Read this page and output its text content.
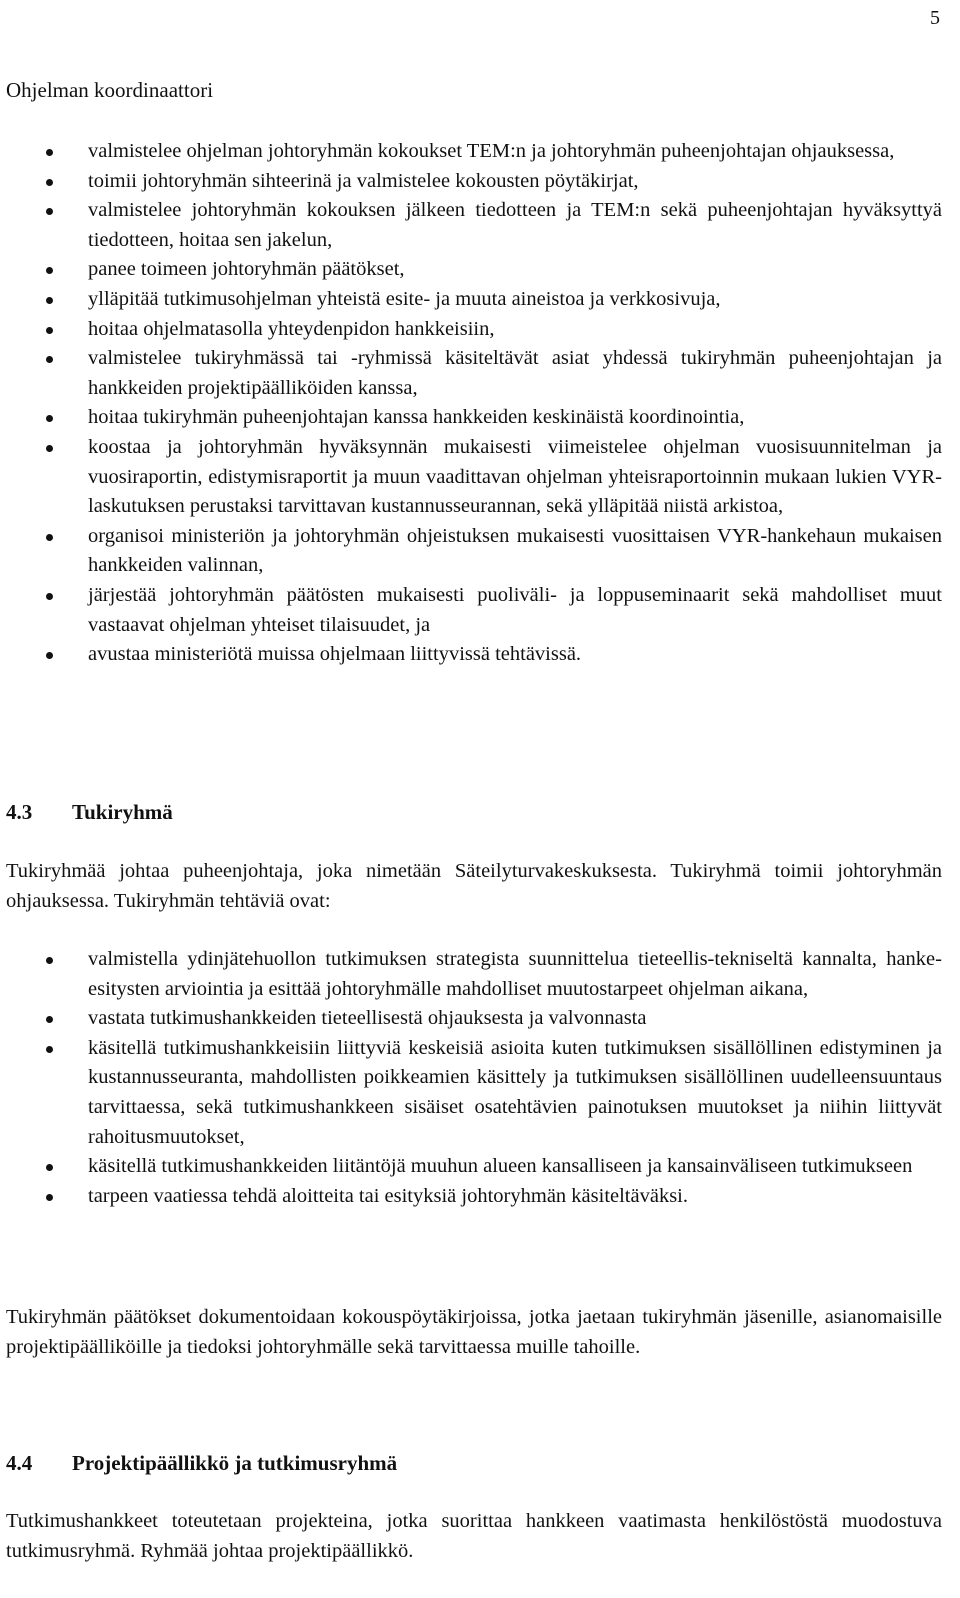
5
Ohjelman koordinaattori
valmistelee ohjelman johtoryhmän kokoukset TEM:n ja johtoryhmän puheenjohtajan ohjauksessa,
toimii johtoryhmän sihteerinä ja valmistelee kokousten pöytäkirjat,
valmistelee johtoryhmän kokouksen jälkeen tiedotteen ja TEM:n sekä puheenjohtajan hyväksyttyä tiedotteen, hoitaa sen jakelun,
panee toimeen johtoryhmän päätökset,
ylläpitää tutkimusohjelman yhteistä esite- ja muuta aineistoa ja verkkosivuja,
hoitaa ohjelmatasolla yhteydenpidon hankkeisiin,
valmistelee tukiryhmässä tai -ryhmissä käsiteltävät asiat yhdessä tukiryhmän puheenjohtajan ja hankkeiden projektipäälliköiden kanssa,
hoitaa tukiryhmän puheenjohtajan kanssa hankkeiden keskinäistä koordinointia,
koostaa ja johtoryhmän hyväksynnän mukaisesti viimeistelee ohjelman vuosisuunnitelman ja vuosiraportin, edistymisraportit ja muun vaadittavan ohjelman yhteisraportoinnin mukaan lukien VYR-laskutuksen perustaksi tarvittavan kustannusseurannan, sekä ylläpitää niistä arkistoa,
organisoi ministeriön ja johtoryhmän ohjeistuksen mukaisesti vuosittaisen VYR-hankehaun mukaisen hankkeiden valinnan,
järjestää johtoryhmän päätösten mukaisesti puoliväli- ja loppuseminaarit sekä mahdolliset muut vastaavat ohjelman yhteiset tilaisuudet, ja
avustaa ministeriötä muissa ohjelmaan liittyvissä tehtävissä.
4.3 Tukiryhmä

Tukiryhmää johtaa puheenjohtaja, joka nimetään Säteilyturvakeskuksesta. Tukiryhmä toimii johtoryhmän ohjauksessa. Tukiryhmän tehtäviä ovat:

valmistella ydinjätehuollon tutkimuksen strategista suunnittelua tieteellis-tekniseltä kannalta, hanke-esitysten arviointia ja esittää johtoryhmälle mahdolliset muutostarpeet ohjelman aikana,
vastata tutkimushankkeiden tieteellisestä ohjauksesta ja valvonnasta
käsitellä tutkimushankkeisiin liittyviä keskeisiä asioita kuten tutkimuksen sisällöllinen edistyminen ja kustannusseuranta, mahdollisten poikkeamien käsittely ja tutkimuksen sisällöllinen uudelleensuuntaus tarvittaessa, sekä tutkimushankkeen sisäiset osatehtävien painotuksen muutokset ja niihin liittyvät rahoitusmuutokset,
käsitellä tutkimushankkeiden liitäntöjä muuhun alueen kansalliseen ja kansainväliseen tutkimukseen
tarpeen vaatiessa tehdä aloitteita tai esityksiä johtoryhmän käsiteltäväksi.

Tukiryhmän päätökset dokumentoidaan kokouspöytäkirjoissa, jotka jaetaan tukiryhmän jäsenille, asianomaisille projektipäälliköille ja tiedoksi johtoryhmälle sekä tarvittaessa muille tahoille.

4.4 Projektipäällikkö ja tutkimusryhmä

Tutkimushankkeet toteutetaan projekteina, jotka suorittaa hankkeen vaatimasta henkilöstöstä muodostuva tutkimusryhmä. Ryhmää johtaa projektipäällikkö.
